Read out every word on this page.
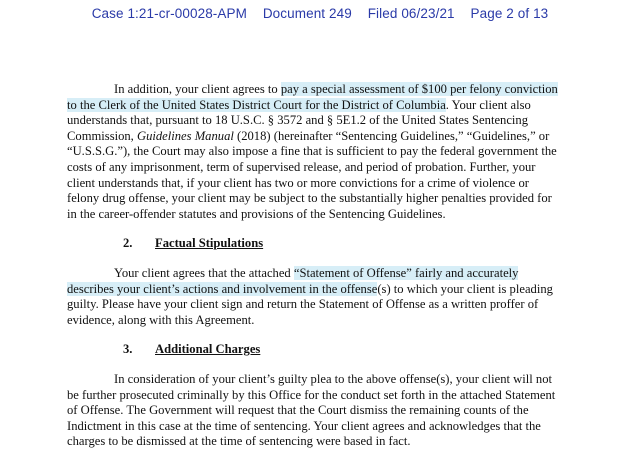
Case 1:21-cr-00028-APM Document 249 Filed 06/23/21 Page 2 of 13
In addition, your client agrees to pay a special assessment of $100 per felony conviction
to the Clerk of the United States District Court for the District of Columbia. Your client also
understands that, pursuant to 18 U.S.C. § 3572 and § 5E1.2 of the United States Sentencing
Commission, Guidelines Manual (2018) (hereinafter “Sentencing Guidelines,” “Guidelines,” or
“U.S.S.G.”), the Court may also impose a fine that is sufficient to pay the federal government the
costs of any imprisonment, term of supervised release, and period of probation. Further, your
client understands that, if your client has two or more convictions for a crime of violence or
felony drug offense, your client may be subject to the substantially higher penalties provided for
in the career-offender statutes and provisions of the Sentencing Guidelines.
2. Factual Stipulations
Your client agrees that the attached “Statement of Offense” fairly and accurately
describes your client’s actions and involvement in the offense(s) to which your client is pleading
guilty. Please have your client sign and return the Statement of Offense as a written proffer of
evidence, along with this Agreement.
3. Additional Charges
In consideration of your client’s guilty plea to the above offense(s), your client will not
be further prosecuted criminally by this Office for the conduct set forth in the attached Statement
of Offense. The Government will request that the Court dismiss the remaining counts of the
Indictment in this case at the time of sentencing. Your client agrees and acknowledges that the
charges to be dismissed at the time of sentencing were based in fact.
